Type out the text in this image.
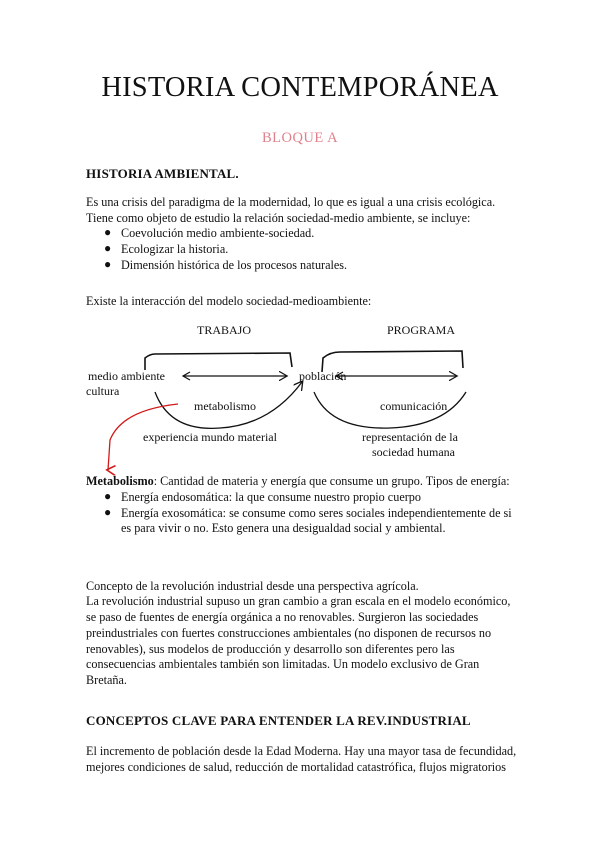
HISTORIA CONTEMPORÁNEA
BLOQUE A
HISTORIA AMBIENTAL.
Es una crisis del paradigma de la modernidad, lo que es igual a una crisis ecológica.
Tiene como objeto de estudio la relación sociedad-medio ambiente, se incluye:
● Coevolución medio ambiente-sociedad.
● Ecologizar la historia.
● Dimensión histórica de los procesos naturales.
Existe la interacción del modelo sociedad-medioambiente:
TRABAJO	PROGRAMA
medio ambiente
cultura
población
metabolismo	comunicación
experiencia mundo material	representación de la
sociedad humana
Metabolismo: Cantidad de materia y energía que consume un grupo. Tipos de energía:
● Energía endosomática: la que consume nuestro propio cuerpo
● Energía exosomática: se consume como seres sociales independientemente de si
es para vivir o no. Esto genera una desigualdad social y ambiental.
Concepto de la revolución industrial desde una perspectiva agrícola.
La revolución industrial supuso un gran cambio a gran escala en el modelo económico,
se paso de fuentes de energía orgánica a no renovables. Surgieron las sociedades
preindustriales con fuertes construcciones ambientales (no disponen de recursos no
renovables), sus modelos de producción y desarrollo son diferentes pero las
consecuencias ambientales también son limitadas. Un modelo exclusivo de Gran
Bretaña.
CONCEPTOS CLAVE PARA ENTENDER LA REV.INDUSTRIAL
El incremento de población desde la Edad Moderna. Hay una mayor tasa de fecundidad,
mejores condiciones de salud, reducción de mortalidad catastrófica, flujos migratorios
